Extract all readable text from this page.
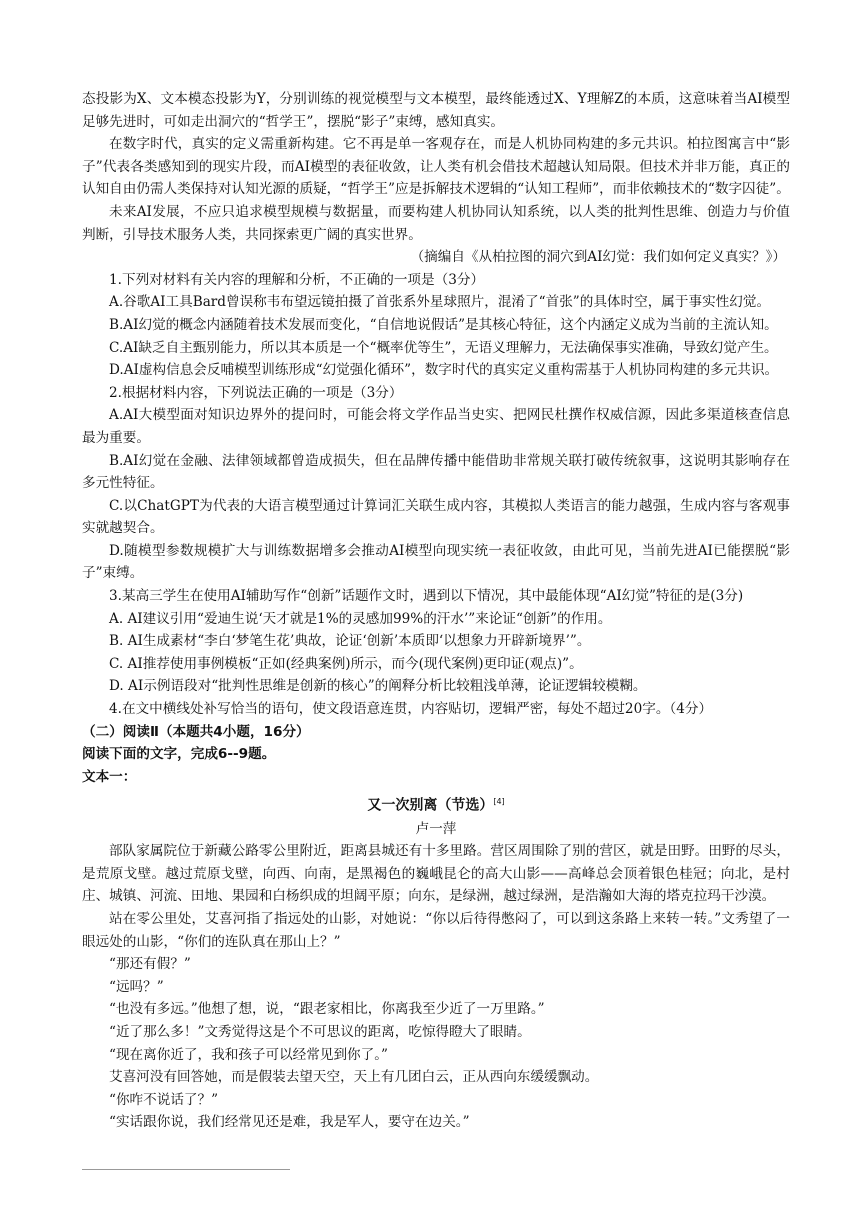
态投影为X、文本模态投影为Y，分别训练的视觉模型与文本模型，最终能透过X、Y理解Z的本质，这意味着当AI模型足够先进时，可如走出洞穴的“哲学王”，摆脱“影子”束缚，感知真实。

在数字时代，真实的定义需重新构建。它不再是单一客观存在，而是人机协同构建的多元共识。柏拉图寓言中“影子”代表各类感知到的现实片段，而AI模型的表征收敛，让人类有机会借技术超越认知局限。但技术并非万能，真正的认知自由仍需人类保持对认知光源的质疑，“哲学王”应是拆解技术逻辑的“认知工程师”，而非依赖技术的“数字囚徒”。

未来AI发展，不应只追求模型规模与数据量，而要构建人机协同认知系统，以人类的批判性思维、创造力与价值判断，引导技术服务人类，共同探索更广阔的真实世界。

（摘编自《从柏拉图的洞穴到AI幻觉：我们如何定义真实？》）

1.下列对材料有关内容的理解和分析，不正确的一项是（3分）

A.谷歌AI工具Bard曾误称韦布望远镜拍摄了首张系外星球照片，混淆了“首张”的具体时空，属于事实性幻觉。

B.AI幻觉的概念内涵随着技术发展而变化，“自信地说假话”是其核心特征，这个内涵定义成为当前的主流认知。

C.AI缺乏自主甄别能力，所以其本质是一个“概率优等生”，无语义理解力，无法确保事实准确，导致幻觉产生。

D.AI虚构信息会反哺模型训练形成“幻觉强化循环”，数字时代的真实定义重构需基于人机协同构建的多元共识。

2.根据材料内容，下列说法正确的一项是（3分）

A.AI大模型面对知识边界外的提问时，可能会将文学作品当史实、把网民杜撰作权威信源，因此多渠道核查信息最为重要。

B.AI幻觉在金融、法律领域都曾造成损失，但在品牌传播中能借助非常规关联打破传统叙事，这说明其影响存在多元性特征。

C.以ChatGPT为代表的大语言模型通过计算词汇关联生成内容，其模拟人类语言的能力越强，生成内容与客观事实就越契合。

D.随模型参数规模扩大与训练数据增多会推动AI模型向现实统一表征收敛，由此可见，当前先进AI已能摆脱“影子”束缚。

3.某高三学生在使用AI辅助写作“创新”话题作文时，遇到以下情况，其中最能体现“AI幻觉”特征的是(3分)

A. AI建议引用“爱迪生说‘天才就是1%的灵感加99%的汗水’”来论证“创新”的作用。

B. AI生成素材“李白‘梦笔生花’典故，论证‘创新’本质即‘以想象力开辟新境界’”。

C. AI推荐使用事例模板“正如(经典案例)所示，而今(现代案例)更印证(观点)”。

D. AI示例语段对“批判性思维是创新的核心”的阐释分析比较粗浅单薄，论证逻辑较模糊。

4.在文中横线处补写恰当的语句，使文段语意连贯，内容贴切，逻辑严密，每处不超过20字。（4分）

（二）阅读Ⅱ（本题共4小题，16分）

阅读下面的文字，完成6--9题。

文本一：

又一次别离（节选）[4]

卢一萍

部队家属院位于新藏公路零公里附近，距离县城还有十多里路。营区周围除了别的营区，就是田野。田野的尽头，是荒原戈壁。越过荒原戈壁，向西、向南，是黑褐色的巍峨昆仑的高大山影——高峰总会顶着银色桂冠；向北，是村庄、城镇、河流、田地、果园和白杨织成的坦阔平原；向东，是绿洲，越过绿洲，是浩瀚如大海的塔克拉玛干沙漠。

站在零公里处，艾喜河指了指远处的山影，对她说：“你以后待得憋闷了，可以到这条路上来转一转。”文秀望了一眼远处的山影，“你们的连队真在那山上？”

“那还有假？”

“远吗？”

“也没有多远。”他想了想，说，“跟老家相比，你离我至少近了一万里路。”

“近了那么多！”文秀觉得这是个不可思议的距离，吃惊得瞪大了眼睛。

“现在离你近了，我和孩子可以经常见到你了。”

艾喜河没有回答她，而是假装去望天空，天上有几团白云，正从西向东缓缓飘动。

“你咋不说话了？”

“实话跟你说，我们经常见还是难，我是军人，要守在边关。”
